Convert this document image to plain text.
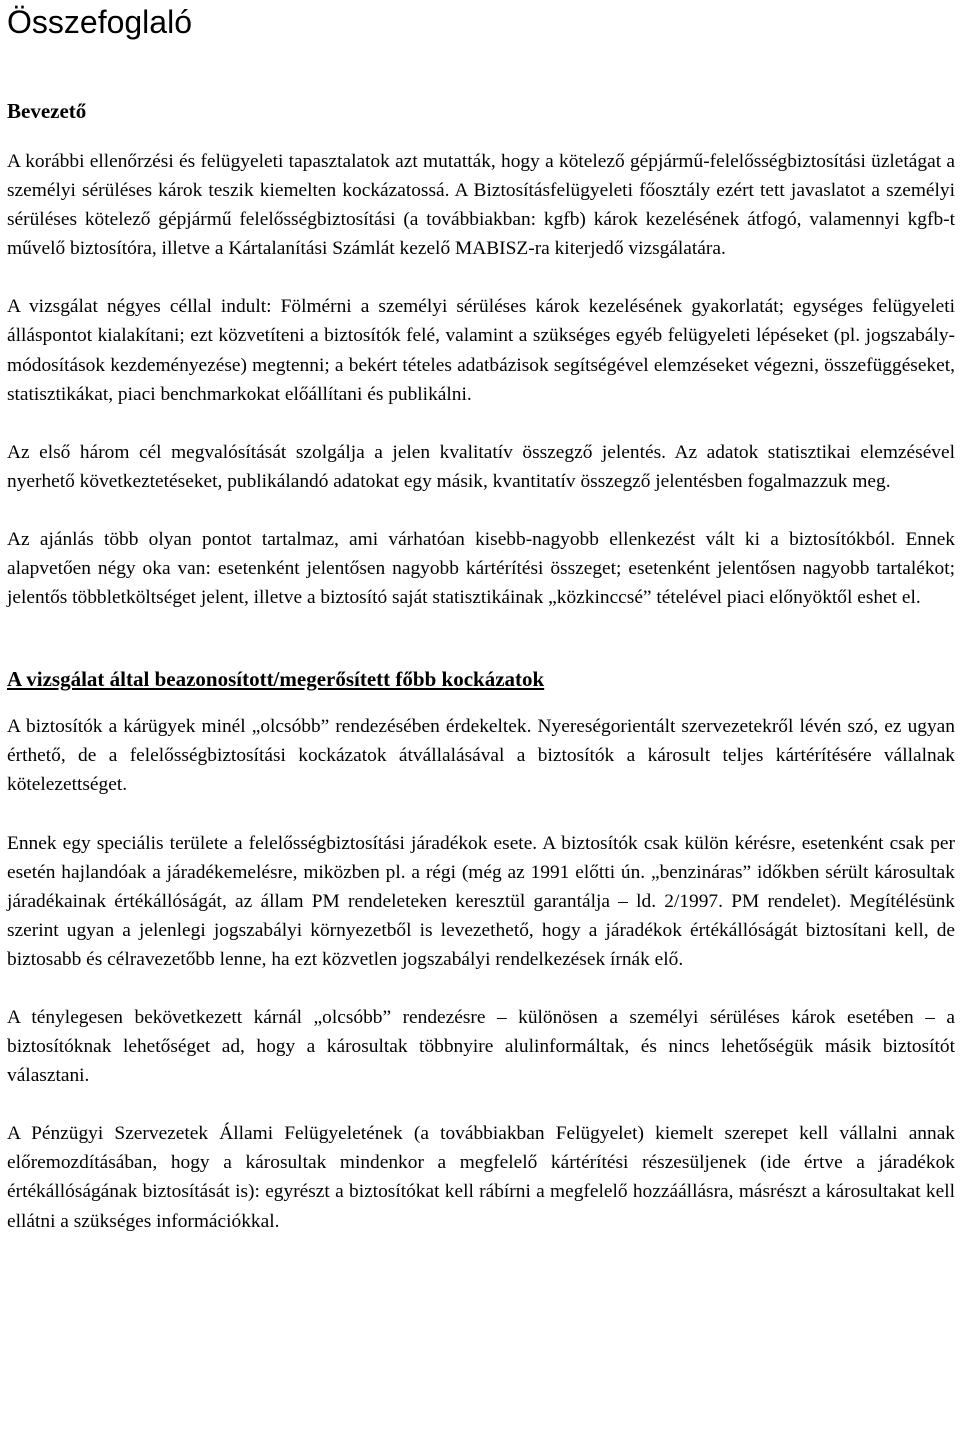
Összefoglaló
Bevezető

A korábbi ellenőrzési és felügyeleti tapasztalatok azt mutatták, hogy a kötelező gépjármű-felelősségbiztosítási üzletágat a személyi sérüléses károk teszik kiemelten kockázatossá. A Biztosításfelügyeleti főosztály ezért tett javaslatot a személyi sérüléses kötelező gépjármű felelősségbiztosítási (a továbbiakban: kgfb) károk kezelésének átfogó, valamennyi kgfb-t művelő biztosítóra, illetve a Kártalanítási Számlát kezelő MABISZ-ra kiterjedő vizsgálatára.

A vizsgálat négyes céllal indult: Fölmérni a személyi sérüléses károk kezelésének gyakorlatát; egységes felügyeleti álláspontot kialakítani; ezt közvetíteni a biztosítók felé, valamint a szükséges egyéb felügyeleti lépéseket (pl. jogszabály-módosítások kezdeményezése) megtenni; a bekért tételes adatbázisok segítségével elemzéseket végezni, összefüggéseket, statisztikákat, piaci benchmarkokat előállítani és publikálni.

Az első három cél megvalósítását szolgálja a jelen kvalitatív összegző jelentés. Az adatok statisztikai elemzésével nyerhető következtetéseket, publikálandó adatokat egy másik, kvantitatív összegző jelentésben fogalmazzuk meg.

Az ajánlás több olyan pontot tartalmaz, ami várhatóan kisebb-nagyobb ellenkezést vált ki a biztosítókból. Ennek alapvetően négy oka van: esetenként jelentősen nagyobb kártérítési összeget; esetenként jelentősen nagyobb tartalékot; jelentős többletköltséget jelent, illetve a biztosító saját statisztikáinak „közkinccsé” tételével piaci előnyöktől eshet el.

A vizsgálat által beazonosított/megerősített főbb kockázatok

A biztosítók a kárügyek minél „olcsóbb” rendezésében érdekeltek. Nyereségorientált szervezetekről lévén szó, ez ugyan érthető, de a felelősségbiztosítási kockázatok átvállalásával a biztosítók a károsult teljes kártérítésére vállalnak kötelezettséget.

Ennek egy speciális területe a felelősségbiztosítási járadékok esete. A biztosítók csak külön kérésre, esetenként csak per esetén hajlandóak a járadékemelésre, miközben pl. a régi (még az 1991 előtti ún. „benzináras” időkben sérült károsultak járadékainak értékállóságát, az állam PM rendeleteken keresztül garantálja – ld. 2/1997. PM rendelet). Megítélésünk szerint ugyan a jelenlegi jogszabályi környezetből is levezethető, hogy a járadékok értékállóságát biztosítani kell, de biztosabb és célravezetőbb lenne, ha ezt közvetlen jogszabályi rendelkezések írnák elő.

A ténylegesen bekövetkezett kárnál „olcsóbb” rendezésre – különösen a személyi sérüléses károk esetében – a biztosítóknak lehetőséget ad, hogy a károsultak többnyire alulinformáltak, és nincs lehetőségük másik biztosítót választani.

A Pénzügyi Szervezetek Állami Felügyeletének (a továbbiakban Felügyelet) kiemelt szerepet kell vállalni annak előremozdításában, hogy a károsultak mindenkor a megfelelő kártérítési részesüljenek (ide értve a járadékok értékállóságának biztosítását is): egyrészt a biztosítókat kell rábírni a megfelelő hozzáállásra, másrészt a károsultakat kell ellátni a szükséges információkkal.
